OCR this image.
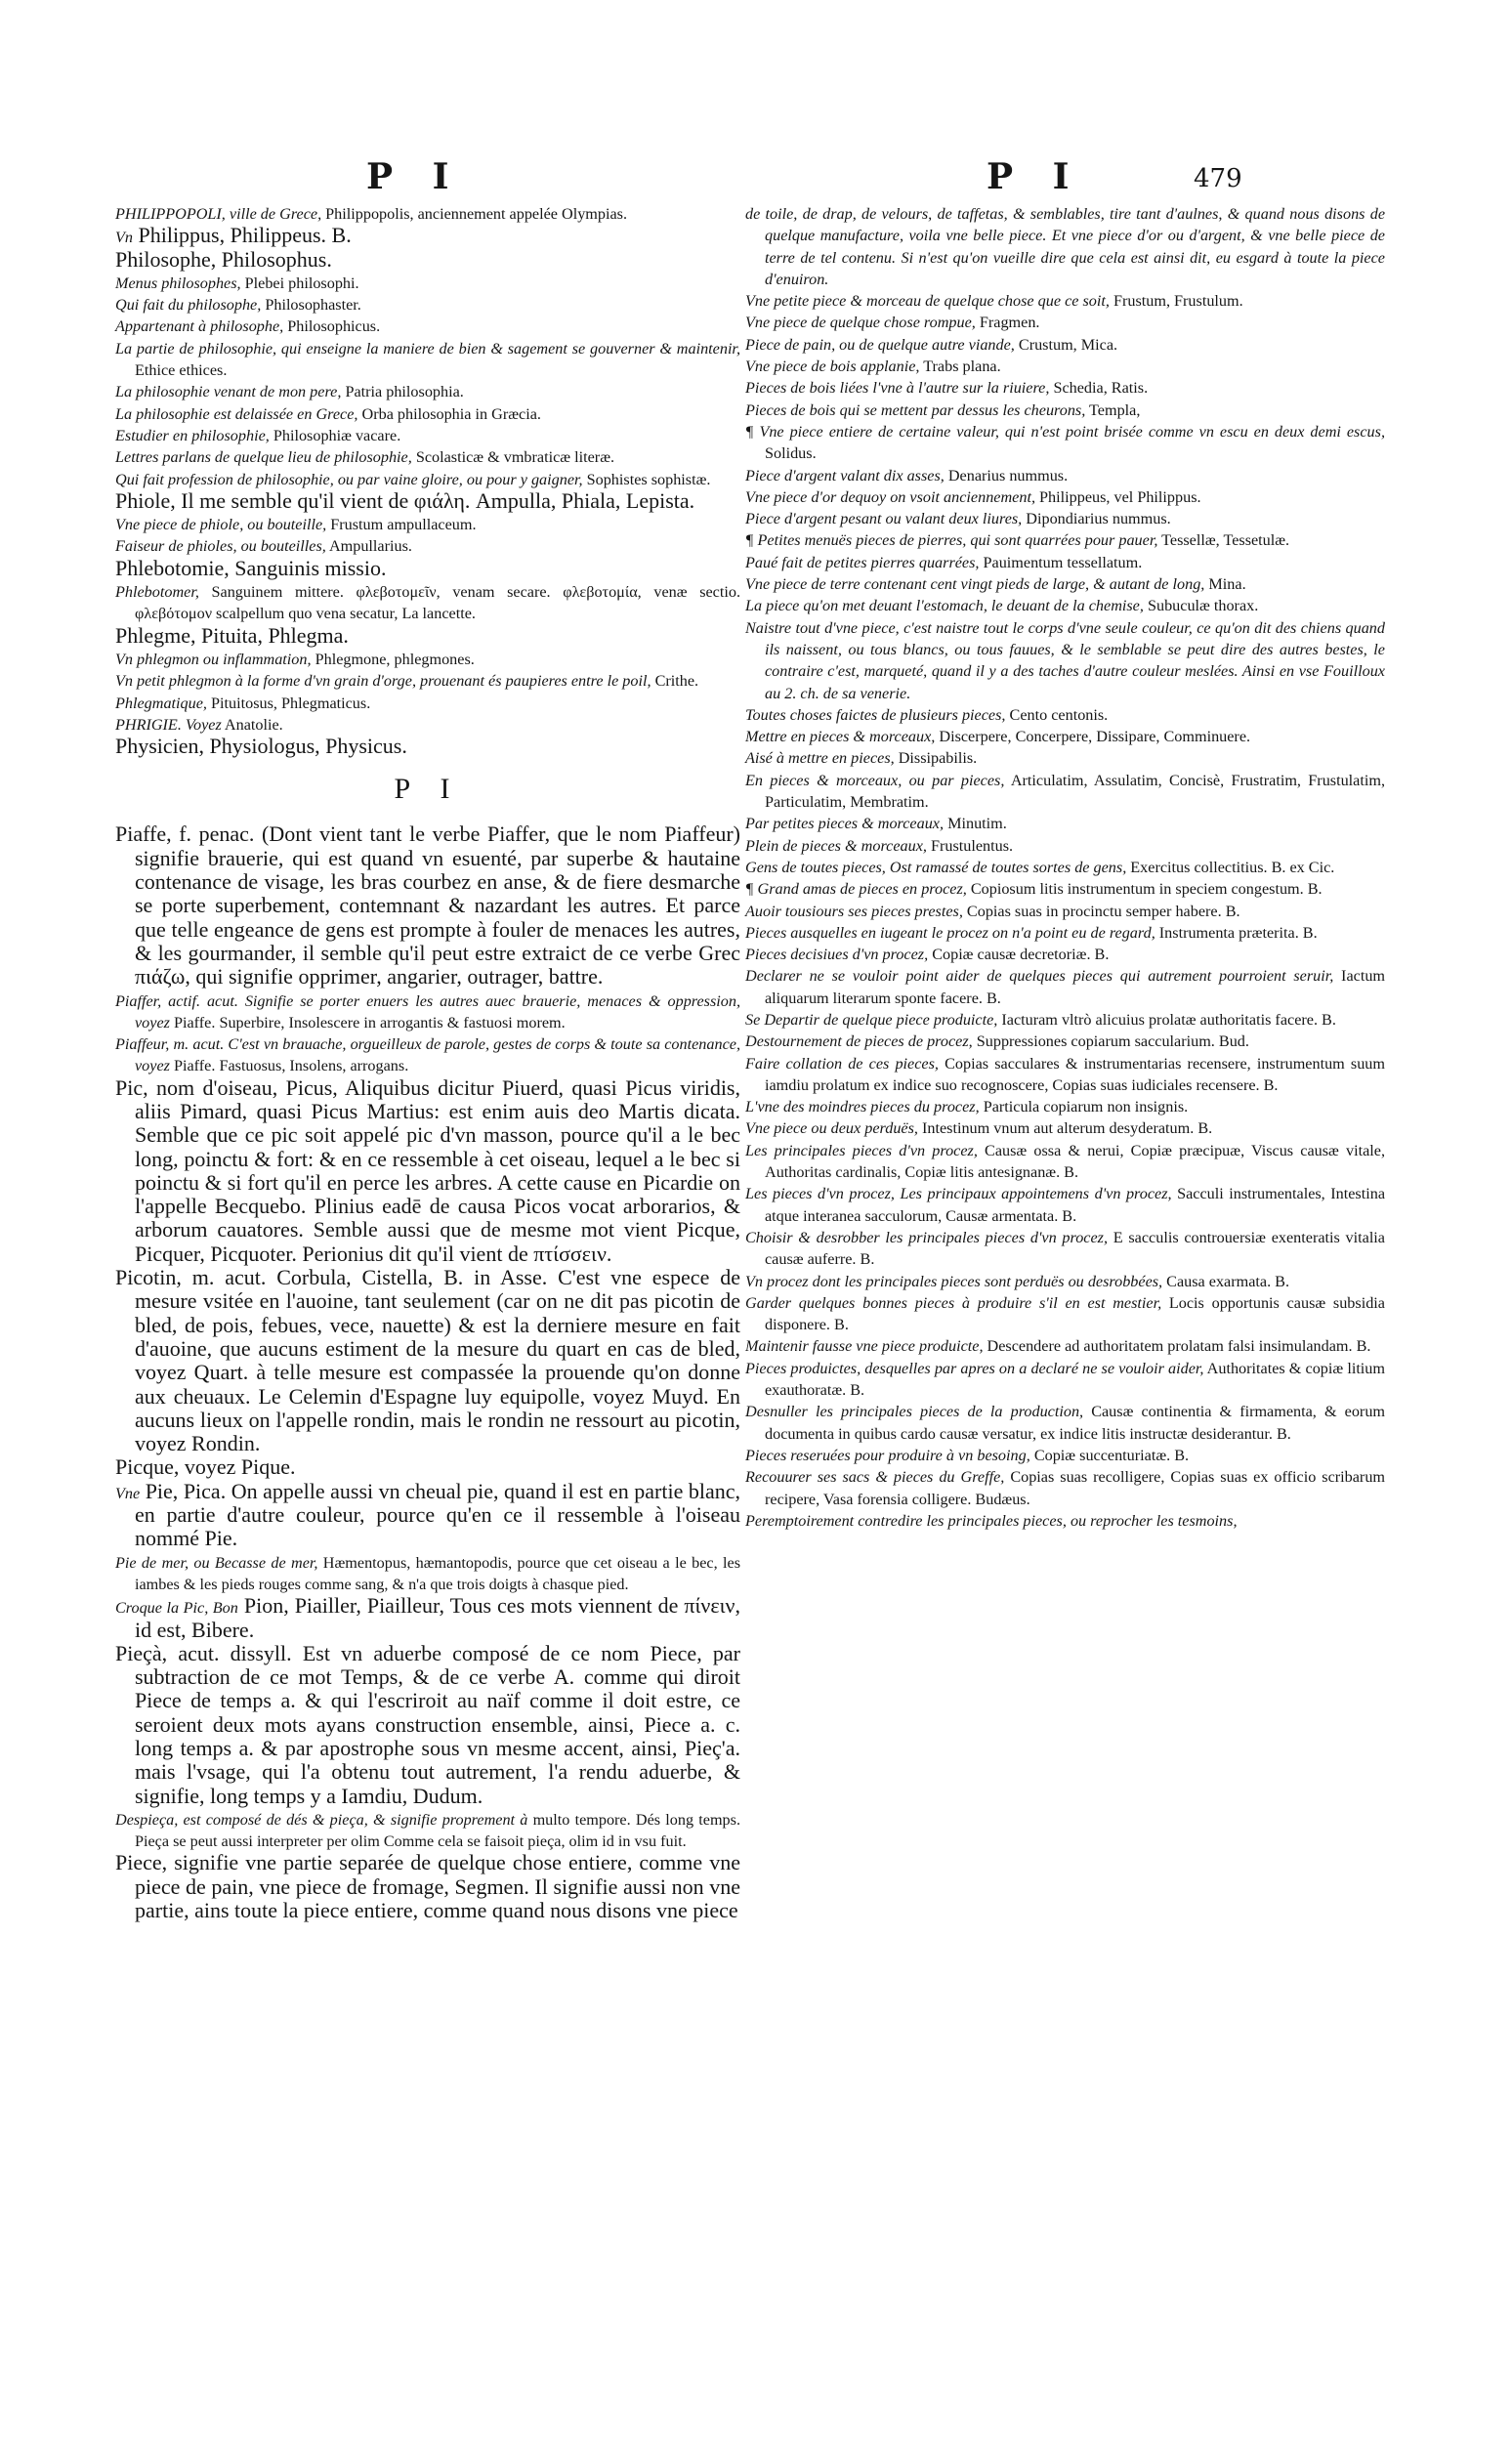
P I	P I	479

PHILIPPOPOLI, ville de Grece, Philippopolis, anciennement appelée Olympias.

Vn Philippus, Philippeus. B.

Philosophe, Philosophus.

Menus philosophes, Plebei philosophi.

Qui fait du philosophe, Philosophaster.

Appartenant à philosophe, Philosophicus.

La partie de philosophie, qui enseigne la maniere de bien & sagement se gouverner & maintenir, Ethice ethices.

La philosophie venant de mon pere, Patria philosophia.

La philosophie est delaissée en Grece, Orba philosophia in Græcia.

Estudier en philosophie, Philosophiæ vacare.

Lettres parlans de quelque lieu de philosophie, Scolasticæ & vmbraticæ literæ.

Qui fait profession de philosophie, ou par vaine gloire, ou pour y gaigner, Sophistes sophistæ.

Phiole, Il me semble qu'il vient de φιάλη. Ampulla, Phiala, Lepista.

Vne piece de phiole, ou bouteille, Frustum ampullaceum.

Faiseur de phioles, ou bouteilles, Ampullarius.

Phlebotomie, Sanguinis missio.

Phlebotomer, Sanguinem mittere. φλεβοτομεῖν, venam secare. φλεβοτομία, venæ sectio. φλεβότομον scalpellum quo vena secatur, La lancette.

Phlegme, Pituita, Phlegma.

Vn phlegmon ou inflammation, Phlegmone, phlegmones.

Vn petit phlegmon à la forme d'vn grain d'orge, prouenant és paupieres entre le poil, Crithe.

Phlegmatique, Pituitosus, Phlegmaticus.

PHRIGIE. Voyez Anatolie.

Physicien, Physiologus, Physicus.

P I

Piaffe, f. penac. (Dont vient tant le verbe Piaffer, que le nom Piaffeur) signifie brauerie, qui est quand vn esuenté, par superbe & hautaine contenance de visage, les bras courbez en anse, & de fiere desmarche se porte superbement, contemnant & nazardant les autres. Et parce que telle engeance de gens est prompte à fouler de menaces les autres, & les gourmander, il semble qu'il peut estre extraict de ce verbe Grec πιάζω, qui signifie opprimer, angarier, outrager, battre.

Piaffer, actif. acut. Signifie se porter enuers les autres auec brauerie, menaces & oppression, voyez Piaffe. Superbire, Insolescere in arrogantis & fastuosi morem.

Piaffeur, m. acut. C'est vn brauache, orgueilleux de parole, gestes de corps & toute sa contenance, voyez Piaffe. Fastuosus, Insolens, arrogans.

Pic, nom d'oiseau, Picus, Aliquibus dicitur Piuerd, quasi Picus viridis, aliis Pimard, quasi Picus Martius: est enim auis deo Martis dicata. Semble que ce pic soit appelé pic d'vn masson, pource qu'il a le bec long, poinctu & fort: & en ce ressemble à cet oiseau, lequel a le bec si poinctu & si fort qu'il en perce les arbres. A cette cause en Picardie on l'appelle Becquebo. Plinius eadē de causa Picos vocat arborarios, & arborum cauatores. Semble aussi que de mesme mot vient Picque, Picquer, Picquoter. Perionius dit qu'il vient de πτίσσειν.

Picotin, m. acut. Corbula, Cistella, B. in Asse. C'est vne espece de mesure vsitée en l'auoine, tant seulement (car on ne dit pas picotin de bled, de pois, febues, vece, nauette) & est la derniere mesure en fait d'auoine, que aucuns estiment de la mesure du quart en cas de bled, voyez Quart. à telle mesure est compassée la prouende qu'on donne aux cheuaux. Le Celemin d'Espagne luy equipolle, voyez Muyd. En aucuns lieux on l'appelle rondin, mais le rondin ne ressourt au picotin, voyez Rondin.

Picque, voyez Pique.

Vne Pie, Pica. On appelle aussi vn cheual pie, quand il est en partie blanc, en partie d'autre couleur, pource qu'en ce il ressemble à l'oiseau nommé Pie.

Pie de mer, ou Becasse de mer, Hæmentopus, hæmantopodis, pource que cet oiseau a le bec, les iambes & les pieds rouges comme sang, & n'a que trois doigts à chasque pied.

Croque la Pic, Bon Pion, Piailler, Piailleur, Tous ces mots viennent de πίνειν, id est, Bibere.

Pieçà, acut. dissyll. Est vn aduerbe composé de ce nom Piece, par subtraction de ce mot Temps, & de ce verbe A. comme qui diroit Piece de temps a. & qui l'escriroit au naïf comme il doit estre, ce seroient deux mots ayans construction ensemble, ainsi, Piece a. c. long temps a. & par apostrophe sous vn mesme accent, ainsi, Pieç'a. mais l'vsage, qui l'a obtenu tout autrement, l'a rendu aduerbe, & signifie, long temps y a Iamdiu, Dudum.

Despieça, est composé de dés & pieça, & signifie proprement à multo tempore. Dés long temps. Pieça se peut aussi interpreter per olim Comme cela se faisoit pieça, olim id in vsu fuit.

Piece, signifie vne partie separée de quelque chose entiere, comme vne piece de pain, vne piece de fromage, Segmen. Il signifie aussi non vne partie, ains toute la piece entiere, comme quand nous disons vne piece

de toile, de drap, de velours, de taffetas, & semblables, tire tant d'aulnes, & quand nous disons de quelque manufacture, voila vne belle piece. Et vne piece d'or ou d'argent, & vne belle piece de terre de tel contenu. Si n'est qu'on vueille dire que cela est ainsi dit, eu esgard à toute la piece d'enuiron.

Vne petite piece & morceau de quelque chose que ce soit, Frustum, Frustulum.

Vne piece de quelque chose rompue, Fragmen.

Piece de pain, ou de quelque autre viande, Crustum, Mica.

Vne piece de bois applanie, Trabs plana.

Pieces de bois liées l'vne à l'autre sur la riuiere, Schedia, Ratis.

Pieces de bois qui se mettent par dessus les cheurons, Templa,

¶ Vne piece entiere de certaine valeur, qui n'est point brisée comme vn escu en deux demi escus, Solidus.

Piece d'argent valant dix asses, Denarius nummus.

Vne piece d'or dequoy on vsoit anciennement, Philippeus, vel Philippus.

Piece d'argent pesant ou valant deux liures, Dipondiarius nummus.

¶ Petites menuës pieces de pierres, qui sont quarrées pour pauer, Tessellæ, Tessetulæ.

Paué fait de petites pierres quarrées, Pauimentum tessellatum.

Vne piece de terre contenant cent vingt pieds de large, & autant de long, Mina.

La piece qu'on met deuant l'estomach, le deuant de la chemise, Subuculæ thorax.

Naistre tout d'vne piece, c'est naistre tout le corps d'vne seule couleur, ce qu'on dit des chiens quand ils naissent, ou tous blancs, ou tous fauues, & le semblable se peut dire des autres bestes, le contraire c'est, marqueté, quand il y a des taches d'autre couleur meslées. Ainsi en vse Fouilloux au 2. ch. de sa venerie.

Toutes choses faictes de plusieurs pieces, Cento centonis.

Mettre en pieces & morceaux, Discerpere, Concerpere, Dissipare, Comminuere.

Aisé à mettre en pieces, Dissipabilis.

En pieces & morceaux, ou par pieces, Articulatim, Assulatim, Concisè, Frustratim, Frustulatim, Particulatim, Membratim.

Par petites pieces & morceaux, Minutim.

Plein de pieces & morceaux, Frustulentus.

Gens de toutes pieces, Ost ramassé de toutes sortes de gens, Exercitus collectitius. B. ex Cic.

¶ Grand amas de pieces en procez, Copiosum litis instrumentum in speciem congestum. B.

Auoir tousiours ses pieces prestes, Copias suas in procinctu semper habere. B.

Pieces ausquelles en iugeant le procez on n'a point eu de regard, Instrumenta præterita. B.

Pieces decisiues d'vn procez, Copiæ causæ decretoriæ. B.

Declarer ne se vouloir point aider de quelques pieces qui autrement pourroient seruir, Iactum aliquarum literarum sponte facere. B.

Se Departir de quelque piece produicte, Iacturam vltrò alicuius prolatæ authoritatis facere. B.

Destournement de pieces de procez, Suppressiones copiarum saccularium. Bud.

Faire collation de ces pieces, Copias sacculares & instrumentarias recensere, instrumentum suum iamdiu prolatum ex indice suo recognoscere, Copias suas iudiciales recensere. B.

L'vne des moindres pieces du procez, Particula copiarum non insignis.

Vne piece ou deux perduës, Intestinum vnum aut alterum desyderatum. B.

Les principales pieces d'vn procez, Causæ ossa & nerui, Copiæ præcipuæ, Viscus causæ vitale, Authoritas cardinalis, Copiæ litis antesignanæ. B.

Les pieces d'vn procez, Les principaux appointemens d'vn procez, Sacculi instrumentales, Intestina atque interanea sacculorum, Causæ armentata. B.

Choisir & desrobber les principales pieces d'vn procez, E sacculis controuersiæ exenteratis vitalia causæ auferre. B.

Vn procez dont les principales pieces sont perduës ou desrobbées, Causa exarmata. B.

Garder quelques bonnes pieces à produire s'il en est mestier, Locis opportunis causæ subsidia disponere. B.

Maintenir fausse vne piece produicte, Descendere ad authoritatem prolatam falsi insimulandam. B.

Pieces produictes, desquelles par apres on a declaré ne se vouloir aider, Authoritates & copiæ litium exauthoratæ. B.

Desnuller les principales pieces de la production, Causæ continentia & firmamenta, & eorum documenta in quibus cardo causæ versatur, ex indice litis instructæ desiderantur. B.

Pieces reseruées pour produire à vn besoing, Copiæ succenturiatæ. B.

Recouurer ses sacs & pieces du Greffe, Copias suas recolligere, Copias suas ex officio scribarum recipere, Vasa forensia colligere. Budæus.

Peremptoirement contredire les principales pieces, ou reprocher les tesmoins,
